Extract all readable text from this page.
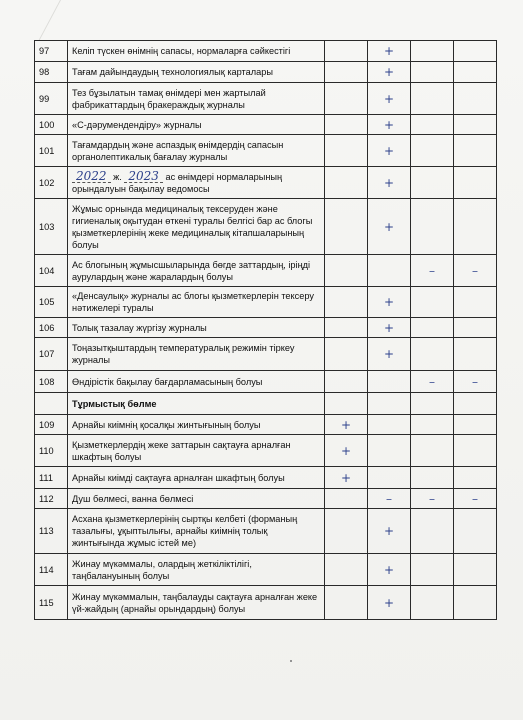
97	Келіп түскен өнімнің сапасы, нормаларға сәйкестігі		+		
98	Тағам дайындаудың технологиялық карталары		+		
99	Тез бұзылатын тамақ өнімдері мен жартылай фабрикаттардың бракераждық журналы		+		
100	«С-дәрумендендіру» журналы		+		
101	Тағамдардың және аспаздық өнімдердің сапасын органолептикалық бағалау журналы		+		
102	2022 ж. 2023 ас өнімдері нормаларының орындалуын бақылау ведомосы		+		
103	Жұмыс орнында медициналық тексеруден және гигиеналық оқытудан өткені туралы белгісі бар ас блогы қызметкерлерінің жеке медициналық кітапшаларының болуы		+		
104	Ас блогының жұмысшыларында бөгде заттардың, іріңді аурулардың және жаралардың болуы			–	–
105	«Денсаулық» журналы ас блогы қызметкерлерін тексеру нәтижелері туралы		+		
106	Толық тазалау жүргізу журналы		+		
107	Тоңазытқыштардың температуралық режимін тіркеу журналы		+		
108	Өндірістік бақылау бағдарламасының болуы			–	–
	Тұрмыстық бөлме				
109	Арнайы киімнің қосалқы жинтығының болуы	+			
110	Қызметкерлердің жеке заттарын сақтауға арналған шкафтың болуы	+			
111	Арнайы киімді сақтауға арналған шкафтың болуы	+			
112	Душ бөлмесі, ванна бөлмесі		–	–	–
113	Асхана қызметкерлерінің сыртқы келбеті (форманың тазалығы, ұқыптылығы, арнайы киімнің толық жинтығында жұмыс істей ме)		+		
114	Жинау мүкәммалы, олардың жеткіліктілігі, таңбалануының болуы		+		
115	Жинау мүкәммалын, таңбалауды сақтауға арналған жеке үй-жайдың (арнайы орындардың) болуы		+		
